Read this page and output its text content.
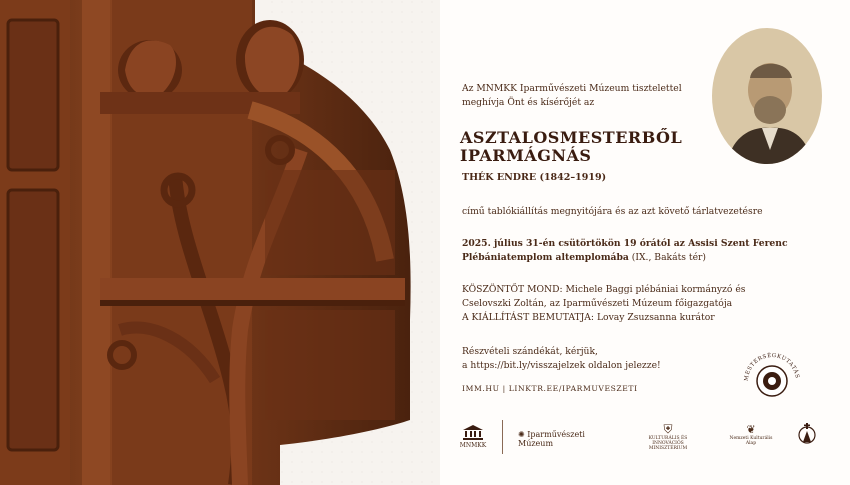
Az MNMKK Iparművészeti Múzeum tisztelettel
meghívja Önt és kísérőjét az
ASZTALOSMESTERBŐL
IPARMÁGNÁS
THÉK ENDRE (1842–1919)
című tablókiállítás megnyitójára és az azt követő tárlatvezetésre
2025. július 31-én csütörtökön 19 órától az Assisi Szent Ferenc
Plébániatemplom altemplomába (IX., Bakáts tér)
KÖSZÖNTŐT MOND: Michele Baggi plébániai kormányzó és
Cselovszki Zoltán, az Iparművészeti Múzeum főigazgatója
A KIÁLLÍTÁST BEMUTATJA: Lovay Zsuzsanna kurátor
Részvételi szándékát, kérjük,
a https://bit.ly/visszajelzek oldalon jelezze!
IMM.HU | LINKTR.EE/IPARMUVESZETI
MESTERSÉGKUTATÁS
MNMKK
✺ Iparművészeti Múzeum
⛨
KULTURÁLIS ÉS INNOVÁCIÓS MINISZTÉRIUM
❦
Nemzeti Kulturális Alap
